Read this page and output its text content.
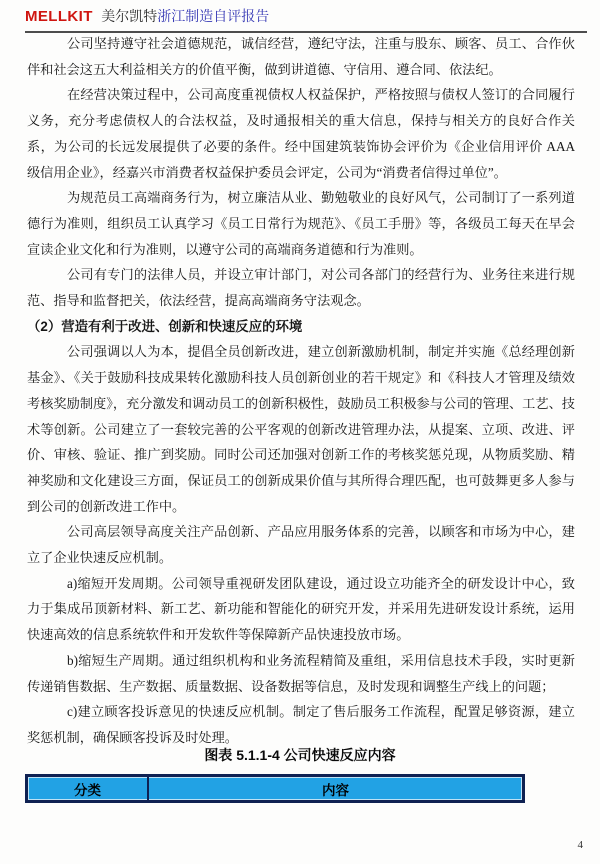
MELLKIT 美尔凯特浙江制造自评报告

公司坚持遵守社会道德规范，诚信经营，遵纪守法，注重与股东、顾客、员工、合作伙伴和社会这五大利益相关方的价值平衡，做到讲道德、守信用、遵合同、依法纪。

在经营决策过程中，公司高度重视债权人权益保护，严格按照与债权人签订的合同履行义务，充分考虑债权人的合法权益，及时通报相关的重大信息，保持与相关方的良好合作关系，为公司的长远发展提供了必要的条件。经中国建筑装饰协会评价为《企业信用评价 AAA 级信用企业》，经嘉兴市消费者权益保护委员会评定，公司为“消费者信得过单位”。

为规范员工高端商务行为，树立廉洁从业、勤勉敬业的良好风气，公司制订了一系列道德行为准则，组织员工认真学习《员工日常行为规范》、《员工手册》等，各级员工每天在早会宣读企业文化和行为准则，以遵守公司的高端商务道德和行为准则。

公司有专门的法律人员，并设立审计部门，对公司各部门的经营行为、业务往来进行规范、指导和监督把关，依法经营，提高高端商务守法观念。

（2）营造有利于改进、创新和快速反应的环境

公司强调以人为本，提倡全员创新改进，建立创新激励机制，制定并实施《总经理创新基金》、《关于鼓励科技成果转化激励科技人员创新创业的若干规定》和《科技人才管理及绩效考核奖励制度》，充分激发和调动员工的创新积极性，鼓励员工积极参与公司的管理、工艺、技术等创新。公司建立了一套较完善的公平客观的创新改进管理办法，从提案、立项、改进、评价、审核、验证、推广到奖励。同时公司还加强对创新工作的考核奖惩兑现，从物质奖励、精神奖励和文化建设三方面，保证员工的创新成果价值与其所得合理匹配，也可鼓舞更多人参与到公司的创新改进工作中。

公司高层领导高度关注产品创新、产品应用服务体系的完善，以顾客和市场为中心，建立了企业快速反应机制。

a)缩短开发周期。公司领导重视研发团队建设，通过设立功能齐全的研发设计中心，致力于集成吊顶新材料、新工艺、新功能和智能化的研究开发，并采用先进研发设计系统，运用快速高效的信息系统软件和开发软件等保障新产品快速投放市场。

b)缩短生产周期。通过组织机构和业务流程精简及重组，采用信息技术手段，实时更新传递销售数据、生产数据、质量数据、设备数据等信息，及时发现和调整生产线上的问题；

c)建立顾客投诉意见的快速反应机制。制定了售后服务工作流程，配置足够资源，建立奖惩机制，确保顾客投诉及时处理。

图表 5.1.1-4 公司快速反应内容
分类	内容
4
